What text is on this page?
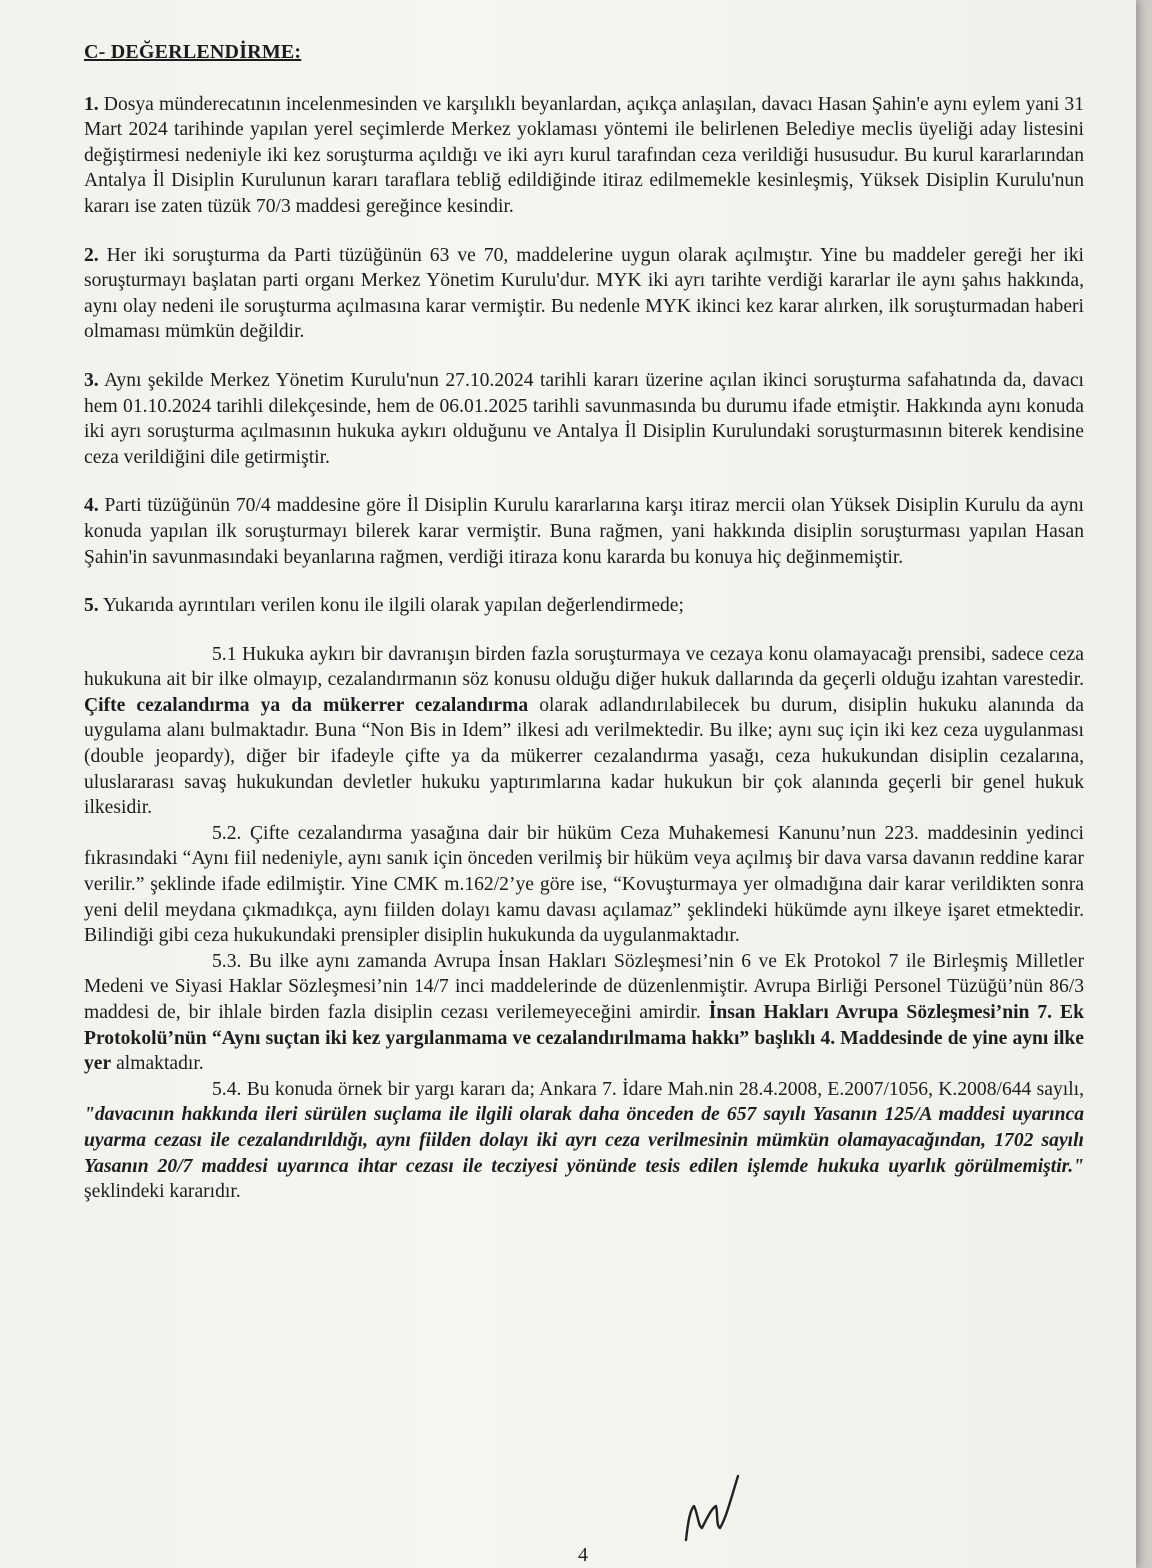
C- DEĞERLENDİRME:

1. Dosya münderecatının incelenmesinden ve karşılıklı beyanlardan, açıkça anlaşılan, davacı Hasan Şahin'e aynı eylem yani 31 Mart 2024 tarihinde yapılan yerel seçimlerde Merkez yoklaması yöntemi ile belirlenen Belediye meclis üyeliği aday listesini değiştirmesi nedeniyle iki kez soruşturma açıldığı ve iki ayrı kurul tarafından ceza verildiği hususudur. Bu kurul kararlarından Antalya İl Disiplin Kurulunun kararı taraflara tebliğ edildiğinde itiraz edilmemekle kesinleşmiş, Yüksek Disiplin Kurulu'nun kararı ise zaten tüzük 70/3 maddesi gereğince kesindir.

2. Her iki soruşturma da Parti tüzüğünün 63 ve 70, maddelerine uygun olarak açılmıştır. Yine bu maddeler gereği her iki soruşturmayı başlatan parti organı Merkez Yönetim Kurulu'dur. MYK iki ayrı tarihte verdiği kararlar ile aynı şahıs hakkında, aynı olay nedeni ile soruşturma açılmasına karar vermiştir. Bu nedenle MYK ikinci kez karar alırken, ilk soruşturmadan haberi olmaması mümkün değildir.

3. Aynı şekilde Merkez Yönetim Kurulu'nun 27.10.2024 tarihli kararı üzerine açılan ikinci soruşturma safahatında da, davacı hem 01.10.2024 tarihli dilekçesinde, hem de 06.01.2025 tarihli savunmasında bu durumu ifade etmiştir. Hakkında aynı konuda iki ayrı soruşturma açılmasının hukuka aykırı olduğunu ve Antalya İl Disiplin Kurulundaki soruşturmasının biterek kendisine ceza verildiğini dile getirmiştir.

4. Parti tüzüğünün 70/4 maddesine göre İl Disiplin Kurulu kararlarına karşı itiraz mercii olan Yüksek Disiplin Kurulu da aynı konuda yapılan ilk soruşturmayı bilerek karar vermiştir. Buna rağmen, yani hakkında disiplin soruşturması yapılan Hasan Şahin'in savunmasındaki beyanlarına rağmen, verdiği itiraza konu kararda bu konuya hiç değinmemiştir.

5. Yukarıda ayrıntıları verilen konu ile ilgili olarak yapılan değerlendirmede;

5.1 Hukuka aykırı bir davranışın birden fazla soruşturmaya ve cezaya konu olamayacağı prensibi, sadece ceza hukukuna ait bir ilke olmayıp, cezalandırmanın söz konusu olduğu diğer hukuk dallarında da geçerli olduğu izahtan varestedir. Çifte cezalandırma ya da mükerrer cezalandırma olarak adlandırılabilecek bu durum, disiplin hukuku alanında da uygulama alanı bulmaktadır. Buna “Non Bis in Idem” ilkesi adı verilmektedir. Bu ilke; aynı suç için iki kez ceza uygulanması (double jeopardy), diğer bir ifadeyle çifte ya da mükerrer cezalandırma yasağı, ceza hukukundan disiplin cezalarına, uluslararası savaş hukukundan devletler hukuku yaptırımlarına kadar hukukun bir çok alanında geçerli bir genel hukuk ilkesidir.

5.2. Çifte cezalandırma yasağına dair bir hüküm Ceza Muhakemesi Kanunu’nun 223. maddesinin yedinci fıkrasındaki “Aynı fiil nedeniyle, aynı sanık için önceden verilmiş bir hüküm veya açılmış bir dava varsa davanın reddine karar verilir.” şeklinde ifade edilmiştir. Yine CMK m.162/2’ye göre ise, “Kovuşturmaya yer olmadığına dair karar verildikten sonra yeni delil meydana çıkmadıkça, aynı fiilden dolayı kamu davası açılamaz” şeklindeki hükümde aynı ilkeye işaret etmektedir. Bilindiği gibi ceza hukukundaki prensipler disiplin hukukunda da uygulanmaktadır.

5.3. Bu ilke aynı zamanda Avrupa İnsan Hakları Sözleşmesi’nin 6 ve Ek Protokol 7 ile Birleşmiş Milletler Medeni ve Siyasi Haklar Sözleşmesi’nin 14/7 inci maddelerinde de düzenlenmiştir. Avrupa Birliği Personel Tüzüğü’nün 86/3 maddesi de, bir ihlale birden fazla disiplin cezası verilemeyeceğini amirdir. İnsan Hakları Avrupa Sözleşmesi’nin 7. Ek Protokolü’nün “Aynı suçtan iki kez yargılanmama ve cezalandırılmama hakkı” başlıklı 4. Maddesinde de yine aynı ilke yer almaktadır.

5.4. Bu konuda örnek bir yargı kararı da; Ankara 7. İdare Mah.nin 28.4.2008, E.2007/1056, K.2008/644 sayılı, "davacının hakkında ileri sürülen suçlama ile ilgili olarak daha önceden de 657 sayılı Yasanın 125/A maddesi uyarınca uyarma cezası ile cezalandırıldığı, aynı fiilden dolayı iki ayrı ceza verilmesinin mümkün olamayacağından, 1702 sayılı Yasanın 20/7 maddesi uyarınca ihtar cezası ile tecziyesi yönünde tesis edilen işlemde hukuka uyarlık görülmemiştir." şeklindeki kararıdır.

4
